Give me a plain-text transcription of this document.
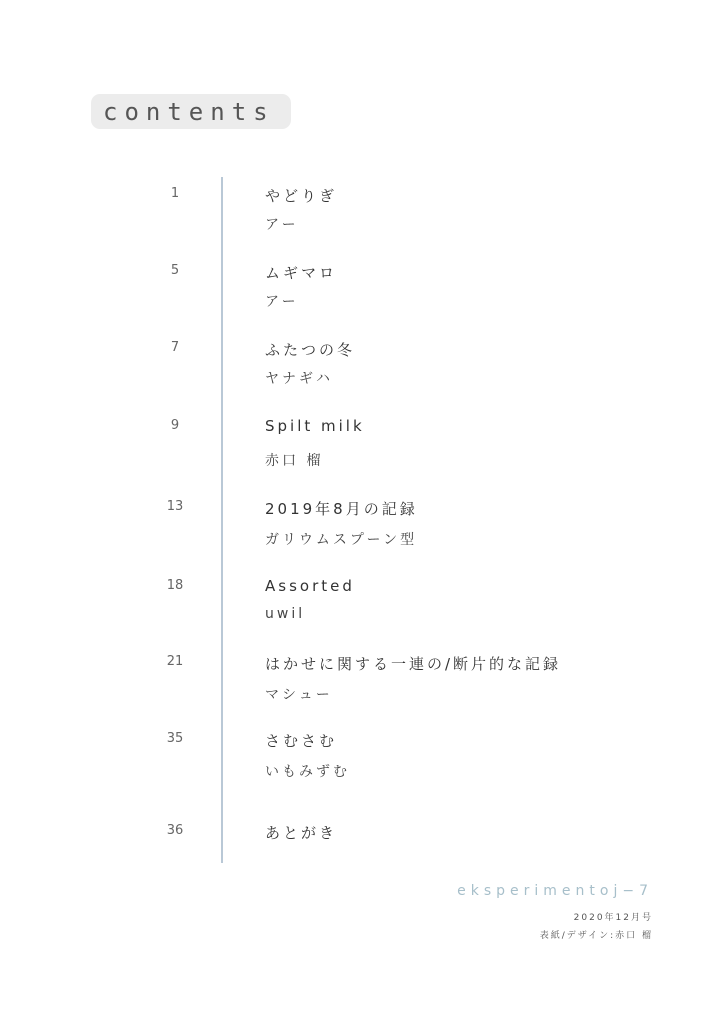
contents
1	やどりぎ
アー
5	ムギマロ
アー
7	ふたつの冬
ヤナギハ
9	Spilt milk
赤口 榴
13	2019年8月の記録
ガリウムスプーン型
18	Assorted
uwil
21	はかせに関する一連の/断片的な記録
マシュー
35	さむさむ
いもみずむ
36	あとがき
eksperimentoj−7
2020年12月号
表紙/デザイン:赤口 榴
